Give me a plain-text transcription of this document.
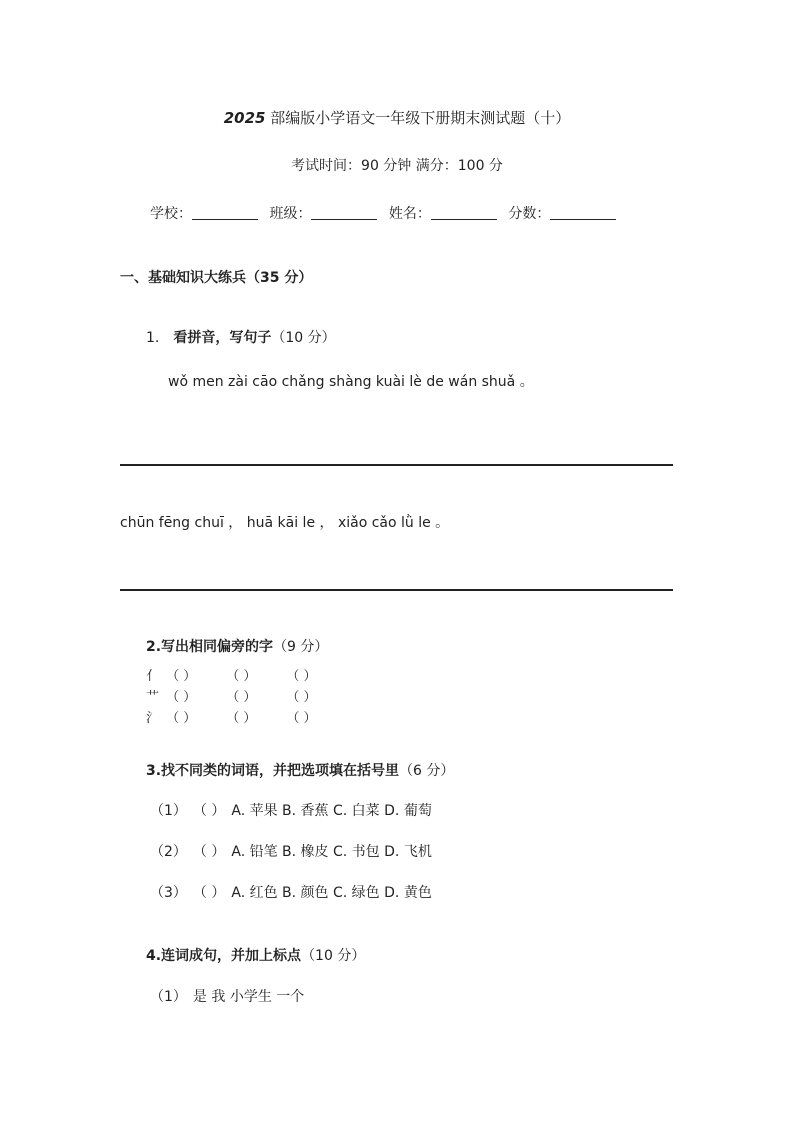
2025 部编版小学语文一年级下册期末测试题（十）
考试时间：90 分钟 满分：100 分
学校：	班级：	姓名：	分数：
一、基础知识大练兵（35 分）
1. 看拼音，写句子（10 分）
wǒ men zài cāo chǎng shàng kuài lè de wán shuǎ 。
chūn fēng chuī ， huā kāi le ， xiǎo cǎo lǜ le 。
2.写出相同偏旁的字（9 分）
亻 （ ） （ ） （ ）
艹 （ ） （ ） （ ）
氵 （ ） （ ） （ ）
3.找不同类的词语，并把选项填在括号里（6 分）
（1） （ ） A. 苹果 B. 香蕉 C. 白菜 D. 葡萄
（2） （ ） A. 铅笔 B. 橡皮 C. 书包 D. 飞机
（3） （ ） A. 红色 B. 颜色 C. 绿色 D. 黄色
4.连词成句，并加上标点（10 分）
（1） 是 我 小学生 一个
